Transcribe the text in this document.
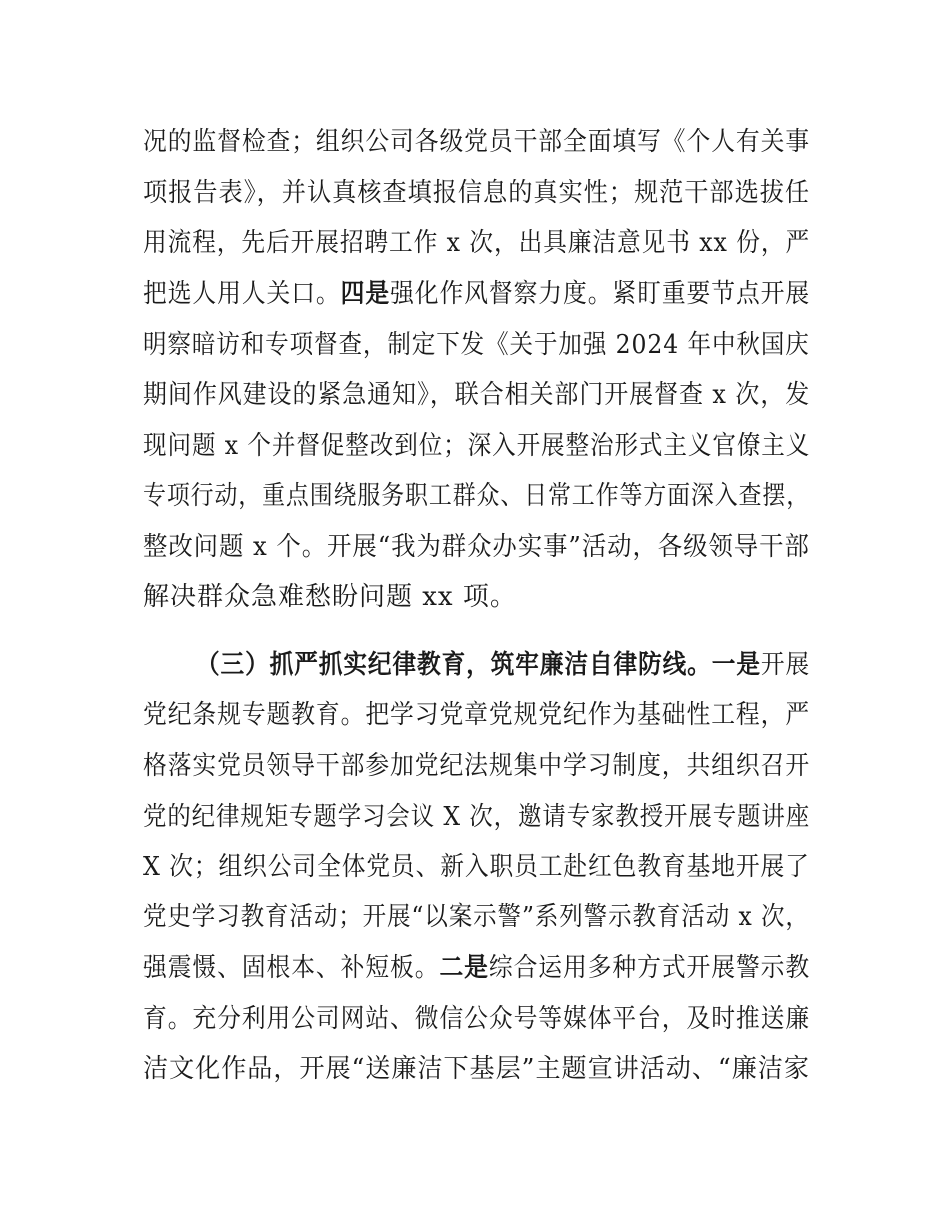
况的监督检查；组织公司各级党员干部全面填写《个人有关事
项报告表》，并认真核查填报信息的真实性；规范干部选拔任
用流程，先后开展招聘工作 x 次，出具廉洁意见书 xx 份，严
把选人用人关口。四是强化作风督察力度。紧盯重要节点开展
明察暗访和专项督查，制定下发《关于加强 2024 年中秋国庆
期间作风建设的紧急通知》，联合相关部门开展督查 x 次，发
现问题 x 个并督促整改到位；深入开展整治形式主义官僚主义
专项行动，重点围绕服务职工群众、日常工作等方面深入查摆，
整改问题 x 个。开展“我为群众办实事”活动，各级领导干部
解决群众急难愁盼问题 xx 项。
（三）抓严抓实纪律教育，筑牢廉洁自律防线。一是开展
党纪条规专题教育。把学习党章党规党纪作为基础性工程，严
格落实党员领导干部参加党纪法规集中学习制度，共组织召开
党的纪律规矩专题学习会议 X 次，邀请专家教授开展专题讲座
X 次；组织公司全体党员、新入职员工赴红色教育基地开展了
党史学习教育活动；开展“以案示警”系列警示教育活动 x 次，
强震慑、固根本、补短板。二是综合运用多种方式开展警示教
育。充分利用公司网站、微信公众号等媒体平台，及时推送廉
洁文化作品，开展“送廉洁下基层”主题宣讲活动、“廉洁家
